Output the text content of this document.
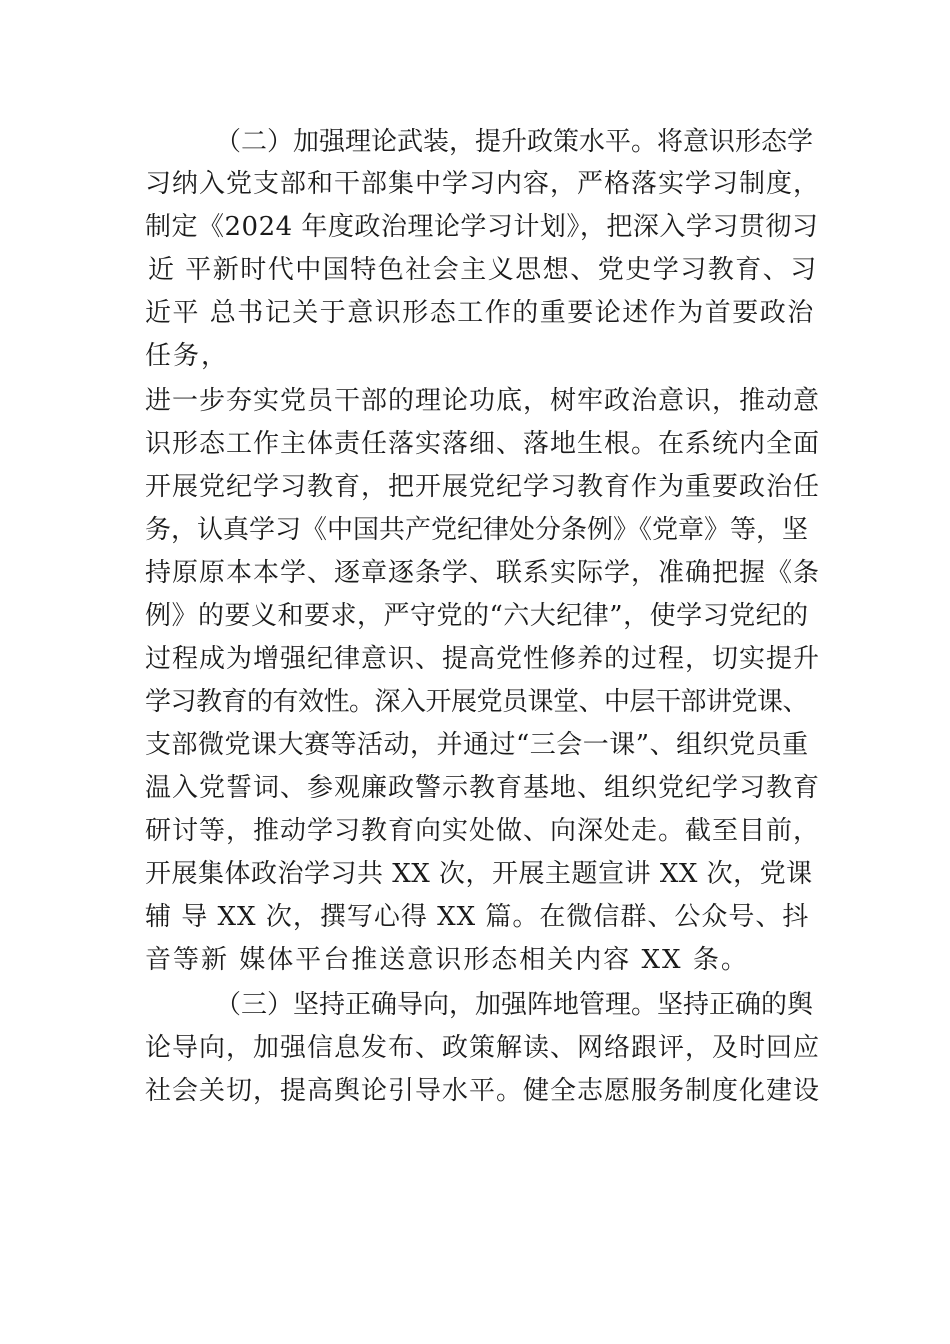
（二）加强理论武装，提升政策水平。将意识形态学
习纳入党支部和干部集中学习内容，严格落实学习制度，
制定《2024 年度政治理论学习计划》，把深入学习贯彻习
近 平新时代中国特色社会主义思想、党史学习教育、习
近平 总书记关于意识形态工作的重要论述作为首要政治
任务，
进一步夯实党员干部的理论功底，树牢政治意识，推动意
识形态工作主体责任落实落细、落地生根。在系统内全面
开展党纪学习教育，把开展党纪学习教育作为重要政治任
务，认真学习《中国共产党纪律处分条例》《党章》等，坚
持原原本本学、逐章逐条学、联系实际学，准确把握《条
例》的要义和要求，严守党的“六大纪律”，使学习党纪的
过程成为增强纪律意识、提高党性修养的过程，切实提升
学习教育的有效性。深入开展党员课堂、中层干部讲党课、
支部微党课大赛等活动，并通过“三会一课”、组织党员重
温入党誓词、参观廉政警示教育基地、组织党纪学习教育
研讨等，推动学习教育向实处做、向深处走。截至目前，
开展集体政治学习共 XX 次，开展主题宣讲 XX 次，党课
辅 导 XX 次，撰写心得 XX 篇。在微信群、公众号、抖
音等新 媒体平台推送意识形态相关内容 XX 条。
（三）坚持正确导向，加强阵地管理。坚持正确的舆
论导向，加强信息发布、政策解读、网络跟评，及时回应
社会关切，提高舆论引导水平。健全志愿服务制度化建设
